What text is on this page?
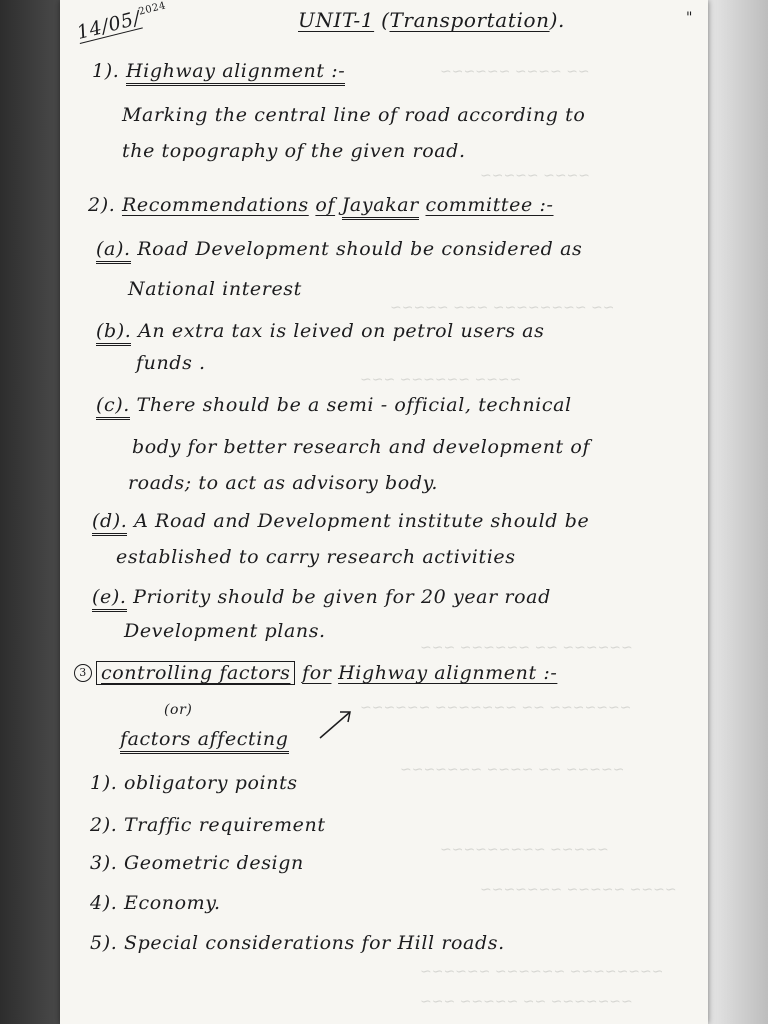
~~ ~~~~ ~~~~~~
~~~~ ~~~~~
~~ ~~~~~~~~ ~~~ ~~~~~
~~~~ ~~~~~~ ~~~
~~~~~~ ~~ ~~~~~~ ~~~
~~~~~~~ ~~ ~~~~~~~ ~~~~~~
~~~~~ ~~ ~~~~ ~~~~~~~
~~~~~ ~~~~~~~~~
~~~~ ~~~~~ ~~~~~~~
~~~~~~~~ ~~~~~~ ~~~~~~
~~~~~~~ ~~ ~~~~~ ~~~
14/05/$^{2024}$	UNIT-1 (Transportation).	"
1). Highway alignment :-
Marking the central line of road according to
the topography of the given road.
2). Recommendations of Jayakar committee :-
(a). Road Development should be considered as
National interest
(b). An extra tax is leived on petrol users as
funds .
(c). There should be a semi - official, technical
body for better research and development of
roads; to act as advisory body.
(d). A Road and Development institute should be
established to carry research activities
(e). Priority should be given for 20 year road
Development plans.
3 controlling factors for Highway alignment :-
(or)
factors affecting
1). obligatory points
2). Traffic requirement
3). Geometric design
4). Economy.
5). Special considerations for Hill roads.
